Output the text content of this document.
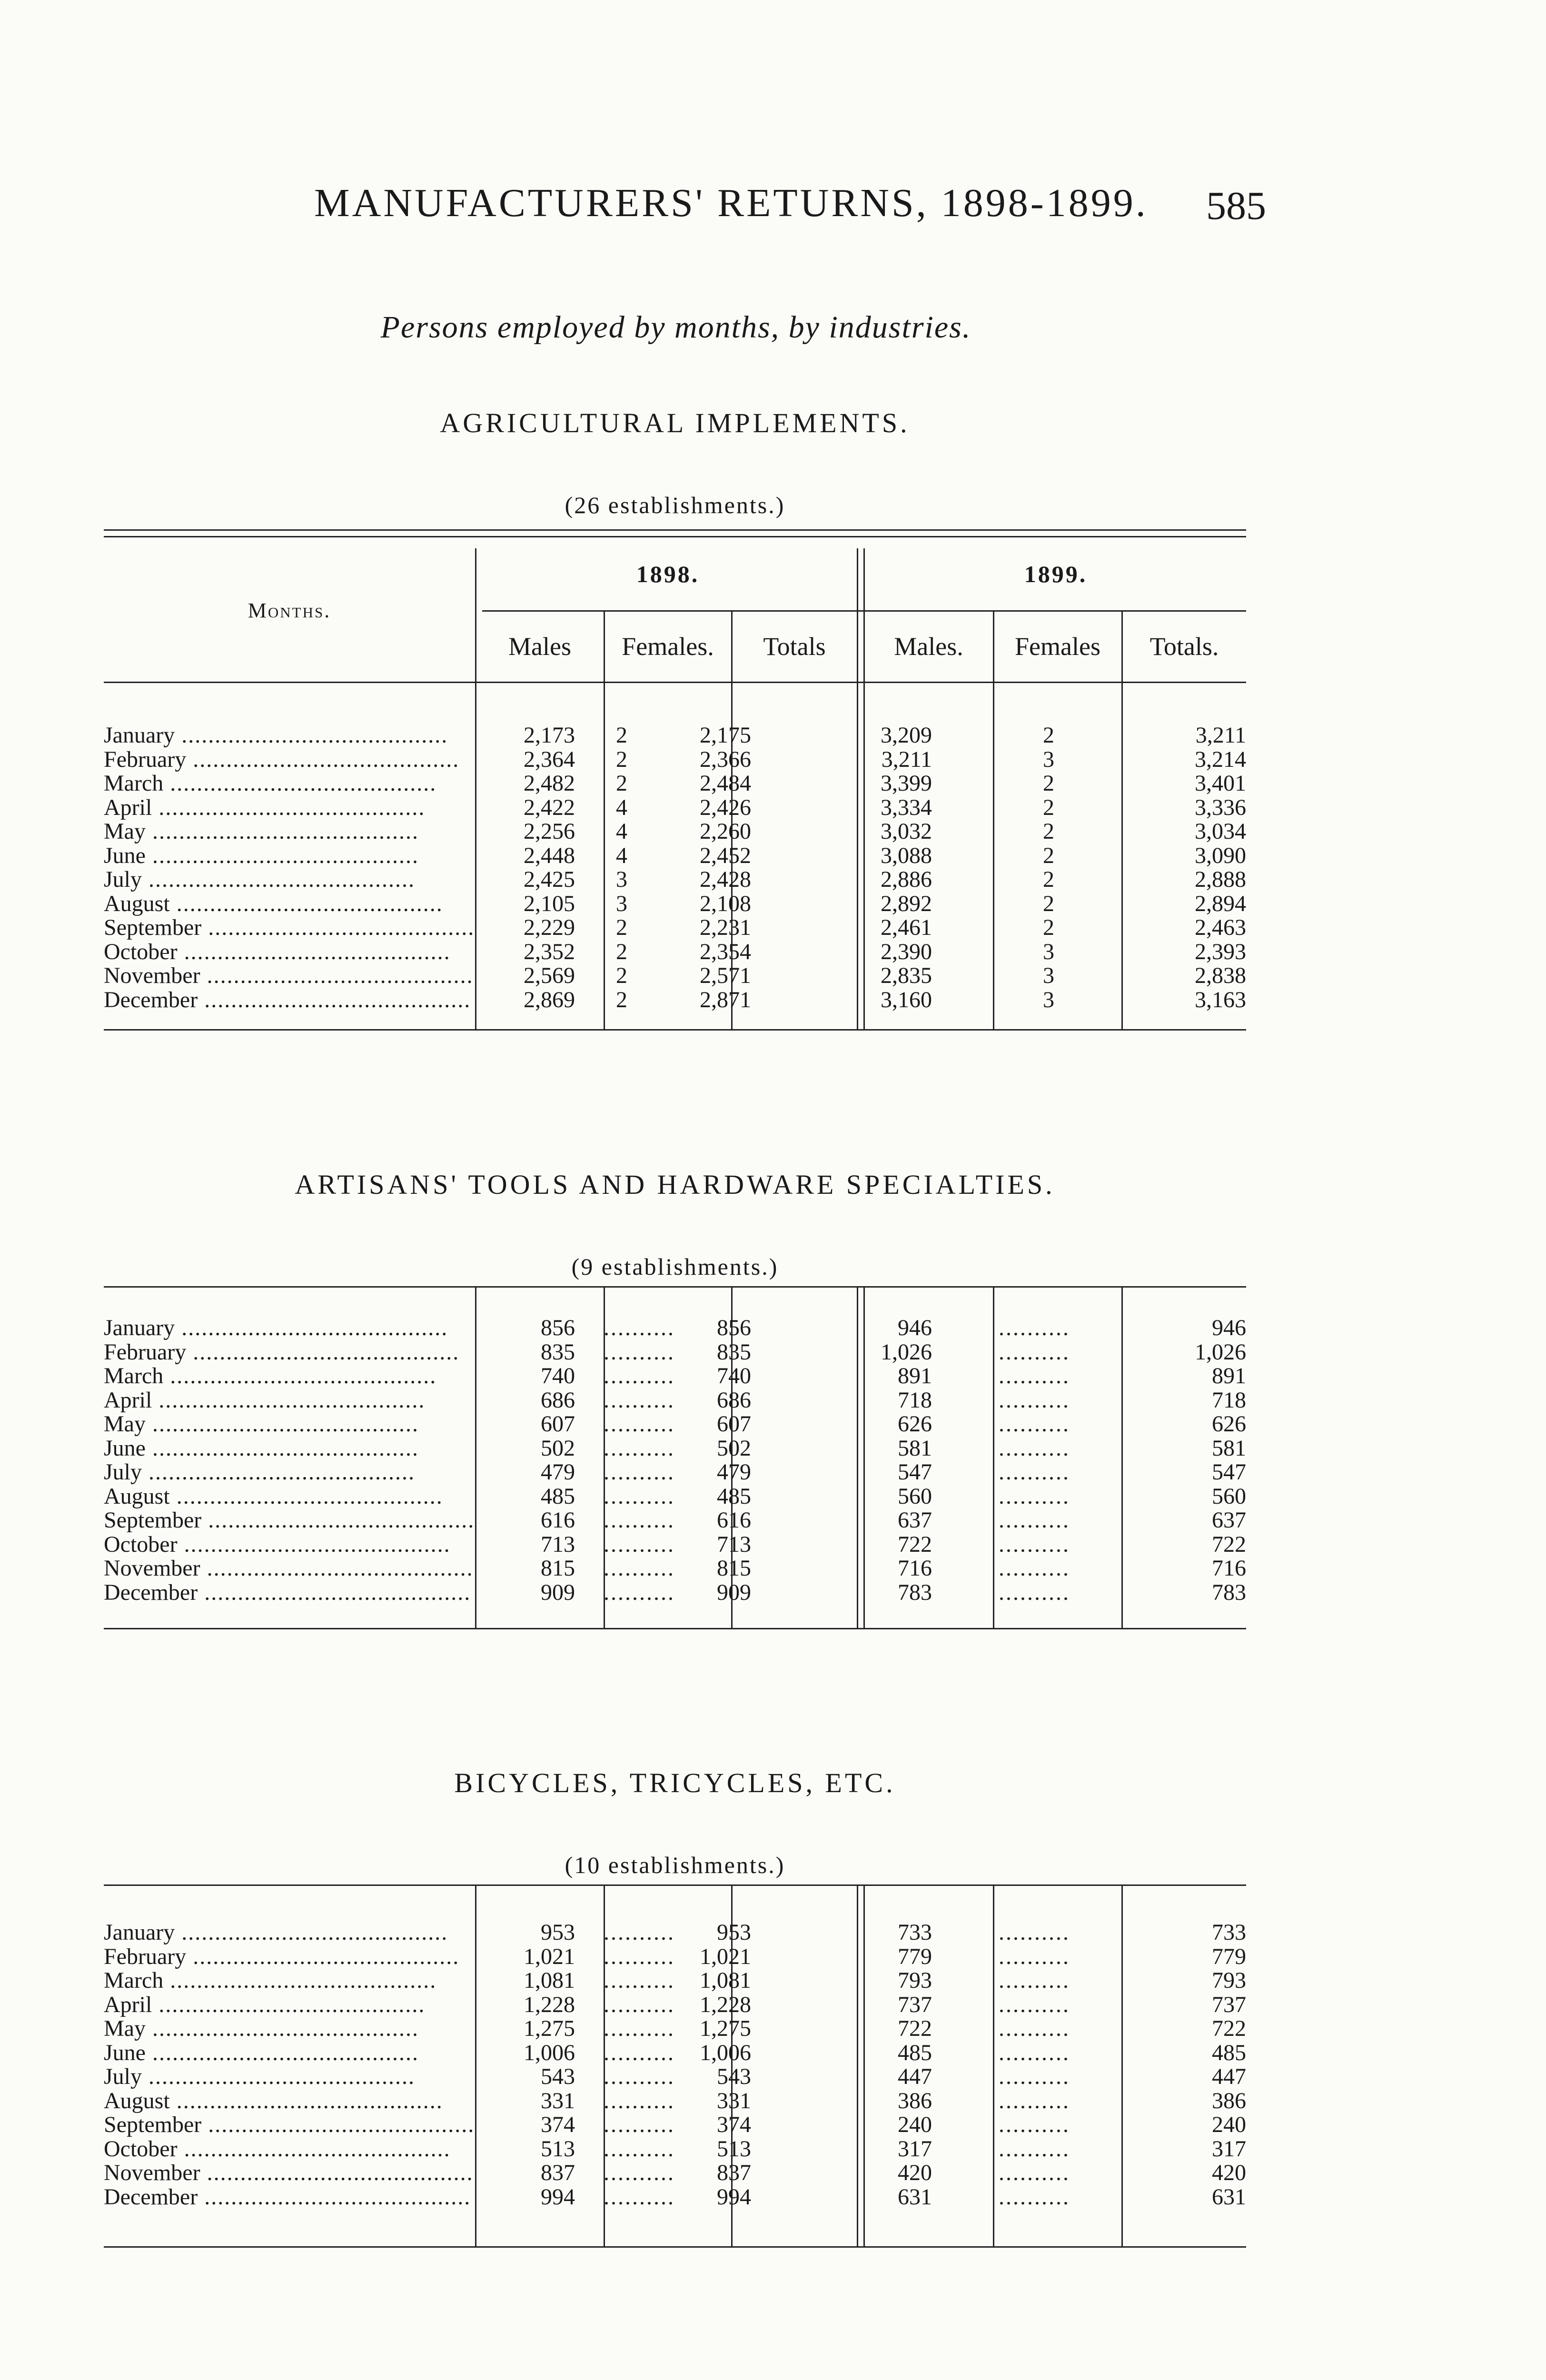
MANUFACTURERS' RETURNS, 1898-1899. 585
Persons employed by months, by industries.
AGRICULTURAL IMPLEMENTS.
(26 establishments.)
Months.
1898.	1899.
Males	Females.	Totals	Males.	Females	Totals.
January ........................................	2,173	2	2,175	3,209	2	3,211
February ........................................	2,364	2	2,366	3,211	3	3,214
March ........................................	2,482	2	2,484	3,399	2	3,401
April ........................................	2,422	4	2,426	3,334	2	3,336
May ........................................	2,256	4	2,260	3,032	2	3,034
June ........................................	2,448	4	2,452	3,088	2	3,090
July ........................................	2,425	3	2,428	2,886	2	2,888
August ........................................	2,105	3	2,108	2,892	2	2,894
September ........................................ 2,229	2	2,231	2,461	2	2,463
October ........................................	2,352	2	2,354	2,390	3	2,393
November ........................................ 2,569	2	2,571	2,835	3	2,838
December ........................................ 2,869	2	2,871	3,160	3	3,163
ARTISANS' TOOLS AND HARDWARE SPECIALTIES.
(9 establishments.)
January ........................................	856 ..........	856	946	..........	946
February ........................................	835 ..........	835	1,026	..........	1,026
March ........................................	740 ..........	740	891	..........	891
April ........................................	686 ..........	686	718	..........	718
May ........................................	607 ..........	607	626	..........	626
June ........................................	502 ..........	502	581	..........	581
July ........................................	479 ..........	479	547	..........	547
August ........................................	485 ..........	485	560	..........	560
September ........................................	616 ..........	616	637	..........	637
October ........................................	713 ..........	713	722	..........	722
November ........................................	815 ..........	815	716	..........	716
December ........................................	909 ..........	909	783	..........	783
BICYCLES, TRICYCLES, ETC.
(10 establishments.)
January ........................................	953 ..........	953	733	..........	733
February ........................................	1,021 ..........	1,021	779	..........	779
March ........................................	1,081 ..........	1,081	793	..........	793
April ........................................	1,228 ..........	1,228	737	..........	737
May ........................................	1,275 ..........	1,275	722	..........	722
June ........................................	1,006 ..........	1,006	485	..........	485
July ........................................	543 ..........	543	447	..........	447
August ........................................	331 ..........	331	386	..........	386
September ........................................	374 ..........	374	240	..........	240
October ........................................	513 ..........	513	317	..........	317
November ........................................	837 ..........	837	420	..........	420
December ........................................	994 ..........	994	631	..........	631
